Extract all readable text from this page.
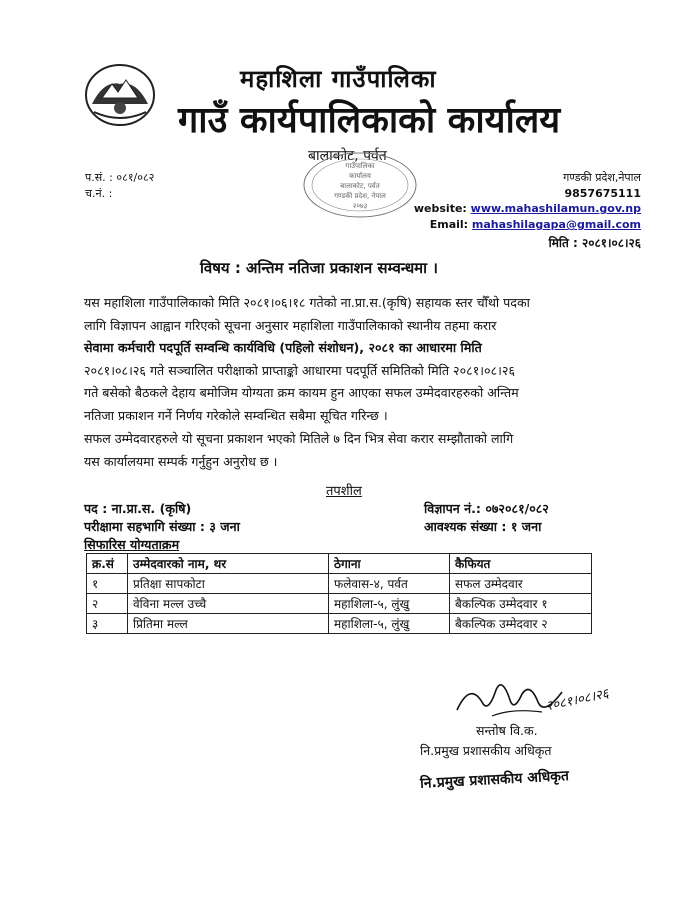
महाशिला गाउँपालिका
गाउँ कार्यपालिकाको कार्यालय
बालाकोट, पर्वत
प.सं. : ०८१/०८२
च.नं. :
गाउँपालिका
कार्यालय
बालाकोट, पर्वत
गण्डकी प्रदेश, नेपाल
२०७३
गण्डकी प्रदेश,नेपाल
9857675111
website: www.mahashilamun.gov.np
Email: mahashilagapa@gmail.com
मिति : २०८१।०८।२६
विषय : अन्तिम नतिजा प्रकाशन सम्वन्धमा ।
यस महाशिला गाउँपालिकाको मिति २०८१।०६।१८ गतेको ना.प्रा.स.(कृषि) सहायक स्तर चौँथो पदका
लागि विज्ञापन आह्वान गरिएको सूचना अनुसार महाशिला गाउँपालिकाको स्थानीय तहमा करार
सेवामा कर्मचारी पदपूर्ति सम्वन्धि कार्यविधि (पहिलो संशोधन), २०८१ का आधारमा मिति
२०८१।०८।२६ गते सञ्चालित परीक्षाको प्राप्ताङ्को आधारमा पदपूर्ति समितिको मिति २०८१।०८।२६
गते बसेको बैठकले देहाय बमोजिम योग्यता क्रम कायम हुन आएका सफल उम्मेदवारहरुको अन्तिम
नतिजा प्रकाशन गर्ने निर्णय गरेकोले सम्वन्धित सबैमा सूचित गरिन्छ ।
सफल उम्मेदवारहरुले यो सूचना प्रकाशन भएको मितिले ७ दिन भित्र सेवा करार सम्झौताको लागि
यस कार्यालयमा सम्पर्क गर्नुहुन अनुरोध छ ।
तपशील
पद : ना.प्रा.स. (कृषि)
परीक्षामा सहभागि संख्या : ३ जना
विज्ञापन नं.: ०७२०८१/०८२
आवश्यक संख्या : १ जना
सिफारिस योग्यताक्रम
क्र.सं	उम्मेदवारको नाम, थर	ठेगाना	कैफियत
१	प्रतिक्षा सापकोटा	फलेवास-४, पर्वत	सफल उम्मेदवार
२	वेविना मल्ल उच्चै	महाशिला-५, लुंखु	बैकल्पिक उम्मेदवार १
३	प्रितिमा मल्ल	महाशिला-५, लुंखु	बैकल्पिक उम्मेदवार २
२०८१।०८।२६
सन्तोष वि.क.
नि.प्रमुख प्रशासकीय अधिकृत
नि.प्रमुख प्रशासकीय अधिकृत
